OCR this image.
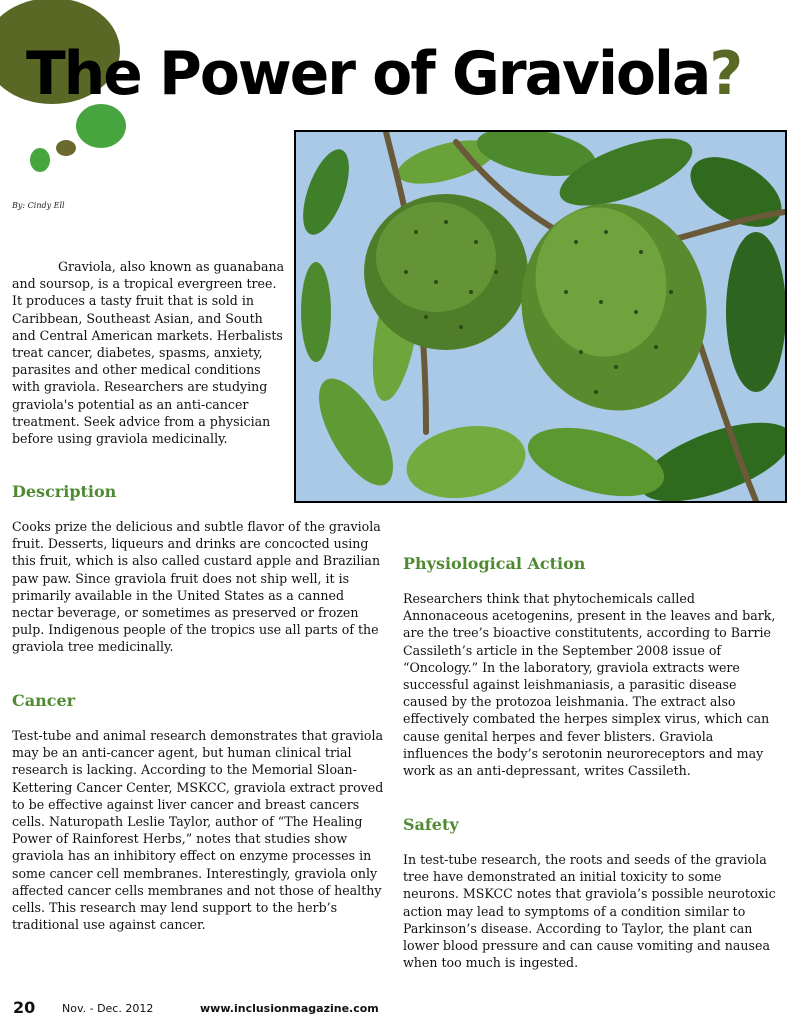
The Power of Graviola?
By: Cindy Ell
Graviola, also known as guanabana and soursop, is a tropical evergreen tree. It produces a tasty fruit that is sold in Caribbean, Southeast Asian, and South and Central American markets. Herbalists treat cancer, diabetes, spasms, anxiety, parasites and other medical conditions with graviola. Researchers are studying graviola's potential as an anti-cancer treatment. Seek advice from a physician before using graviola medicinally.
Description
Cooks prize the delicious and subtle flavor of the graviola fruit. Desserts, liqueurs and drinks are concocted using this fruit, which is also called custard apple and Brazilian paw paw. Since graviola fruit does not ship well, it is primarily available in the United States as a canned nectar beverage, or sometimes as preserved or frozen pulp. Indigenous people of the tropics use all parts of the graviola tree medicinally.
Cancer
Test-tube and animal research demonstrates that graviola may be an anti-cancer agent, but human clinical trial research is lacking. According to the Memorial Sloan-Kettering Cancer Center, MSKCC, graviola extract proved to be effective against liver cancer and breast cancers cells. Naturopath Leslie Taylor, author of “The Healing Power of Rainforest Herbs,” notes that studies show graviola has an inhibitory effect on enzyme processes in some cancer cell membranes. Interestingly, graviola only affected cancer cells membranes and not those of healthy cells. This research may lend support to the herb’s traditional use against cancer.
Physiological Action
Researchers think that phytochemicals called Annonaceous acetogenins, present in the leaves and bark, are the tree’s bioactive constitutents, according to Barrie Cassileth’s article in the September 2008 issue of “Oncology.” In the laboratory, graviola extracts were successful against leishmaniasis, a parasitic disease caused by the protozoa leishmania. The extract also effectively combated the herpes simplex virus, which can cause genital herpes and fever blisters. Graviola influences the body’s serotonin neuroreceptors and may work as an anti-depressant, writes Cassileth.
Safety
In test-tube research, the roots and seeds of the graviola tree have demonstrated an initial toxicity to some neurons. MSKCC notes that graviola’s possible neurotoxic action may lead to symptoms of a condition similar to Parkinson’s disease. According to Taylor, the plant can lower blood pressure and can cause vomiting and nausea when too much is ingested.
20 Nov. - Dec. 2012	www.inclusionmagazine.com
